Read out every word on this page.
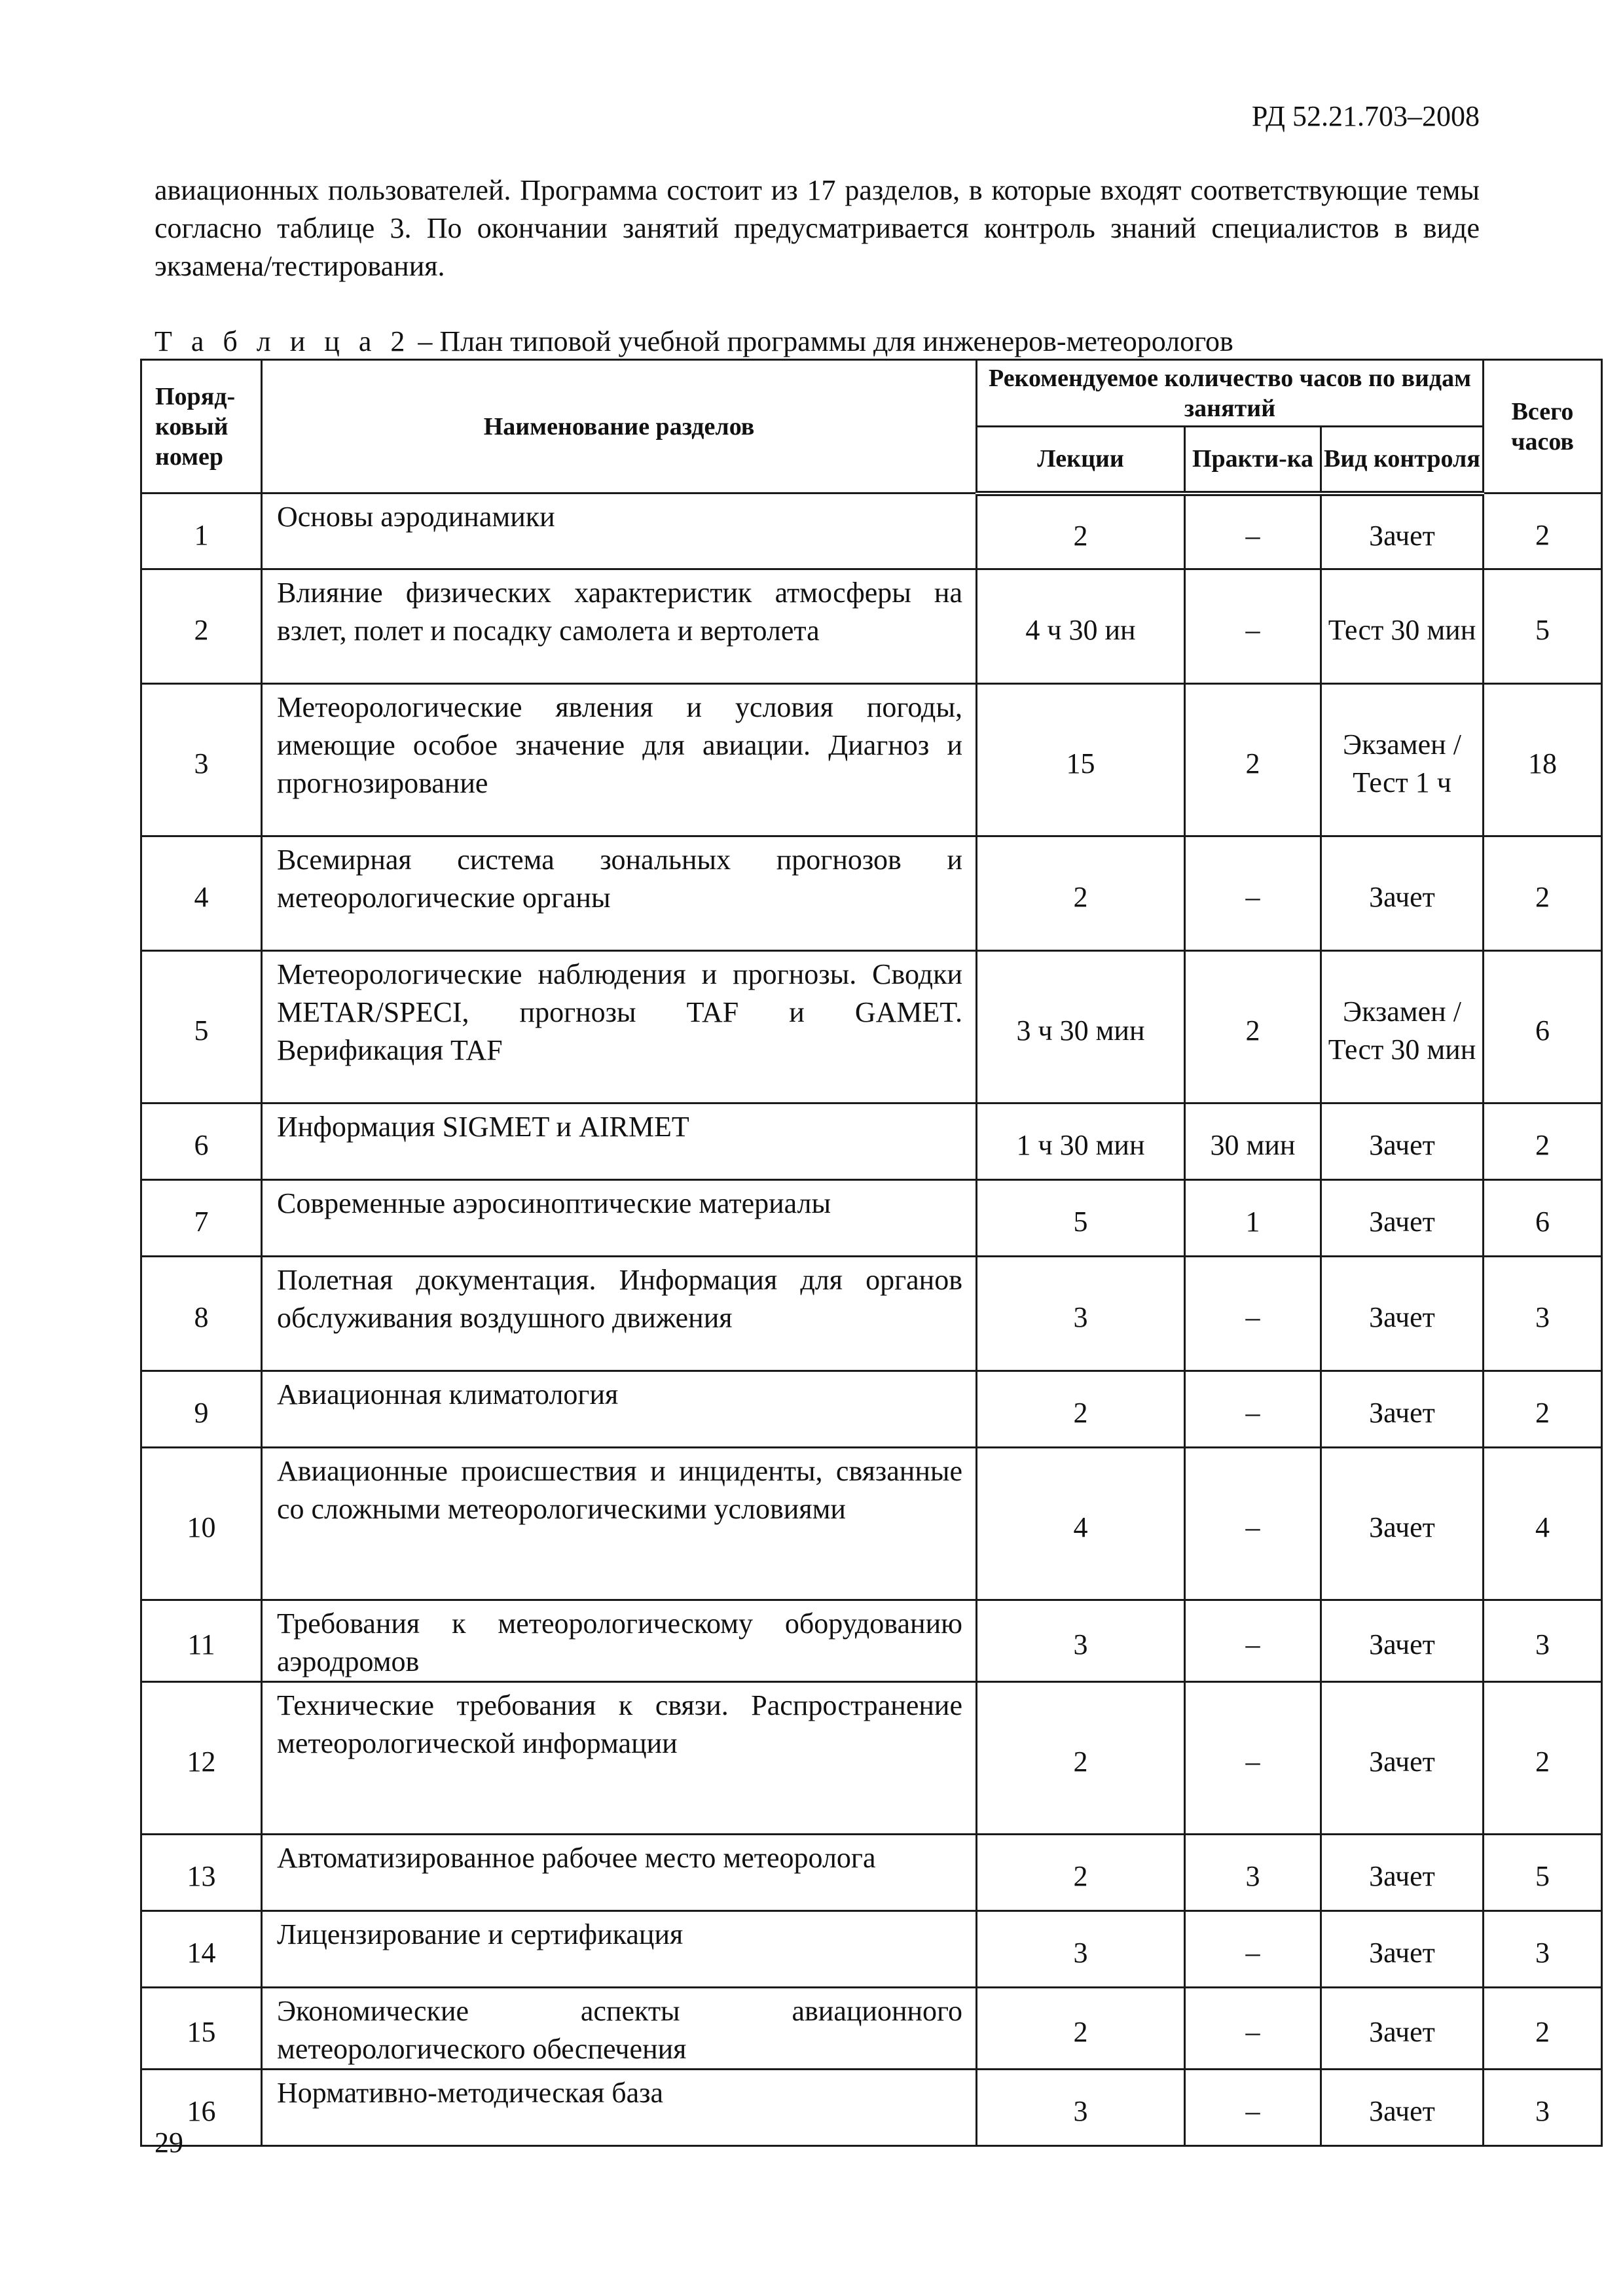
РД 52.21.703–2008

авиационных пользователей. Программа состоит из 17 разделов, в которые входят соответствующие темы согласно таблице 3. По окончании занятий предусматривается контроль знаний специалистов в виде экзамена/тестирования.

Т а б л и ц а 2 – План типовой учебной программы для инженеров-метеорологов
Поряд-ковый номер	Наименование разделов	Рекомендуемое количество часов по видам занятий			Всего часов
		Лекции	Практи-ка	Вид контроля	
1	Основы аэродинамики	2	–	Зачет	2
2	Влияние физических характеристик атмосферы на взлет, полет и посадку самолета и вертолета	4 ч 30 ин	–	Тест 30 мин	5
3	Метеорологические явления и условия погоды, имеющие особое значение для авиации. Диагноз и прогнозирование	15	2	Экзамен / Тест 1 ч	18
4	Всемирная система зональных прогнозов и метеорологические органы	2	–	Зачет	2
5	Метеорологические наблюдения и прогнозы. Сводки METAR/SPECI, прогнозы TAF и GAMET. Верификация TAF	3 ч 30 мин	2	Экзамен / Тест 30 мин	6
6	Информация SIGMET и AIRMET	1 ч 30 мин	30 мин	Зачет	2
7	Современные аэросиноптические материалы	5	1	Зачет	6
8	Полетная документация. Информация для органов обслуживания воздушного движения	3	–	Зачет	3
9	Авиационная климатология	2	–	Зачет	2
10	Авиационные происшествия и инциденты, связанные со сложными метеорологическими условиями	4	–	Зачет	4
11	Требования к метеорологическому оборудованию аэродромов	3	–	Зачет	3
12	Технические требования к связи. Распространение метеорологической информации	2	–	Зачет	2
13	Автоматизированное рабочее место метеоролога	2	3	Зачет	5
14	Лицензирование и сертификация	3	–	Зачет	3
15	Экономические аспекты авиационного метеорологического обеспечения	2	–	Зачет	2
16	Нормативно-методическая база	3	–	Зачет	3
29
